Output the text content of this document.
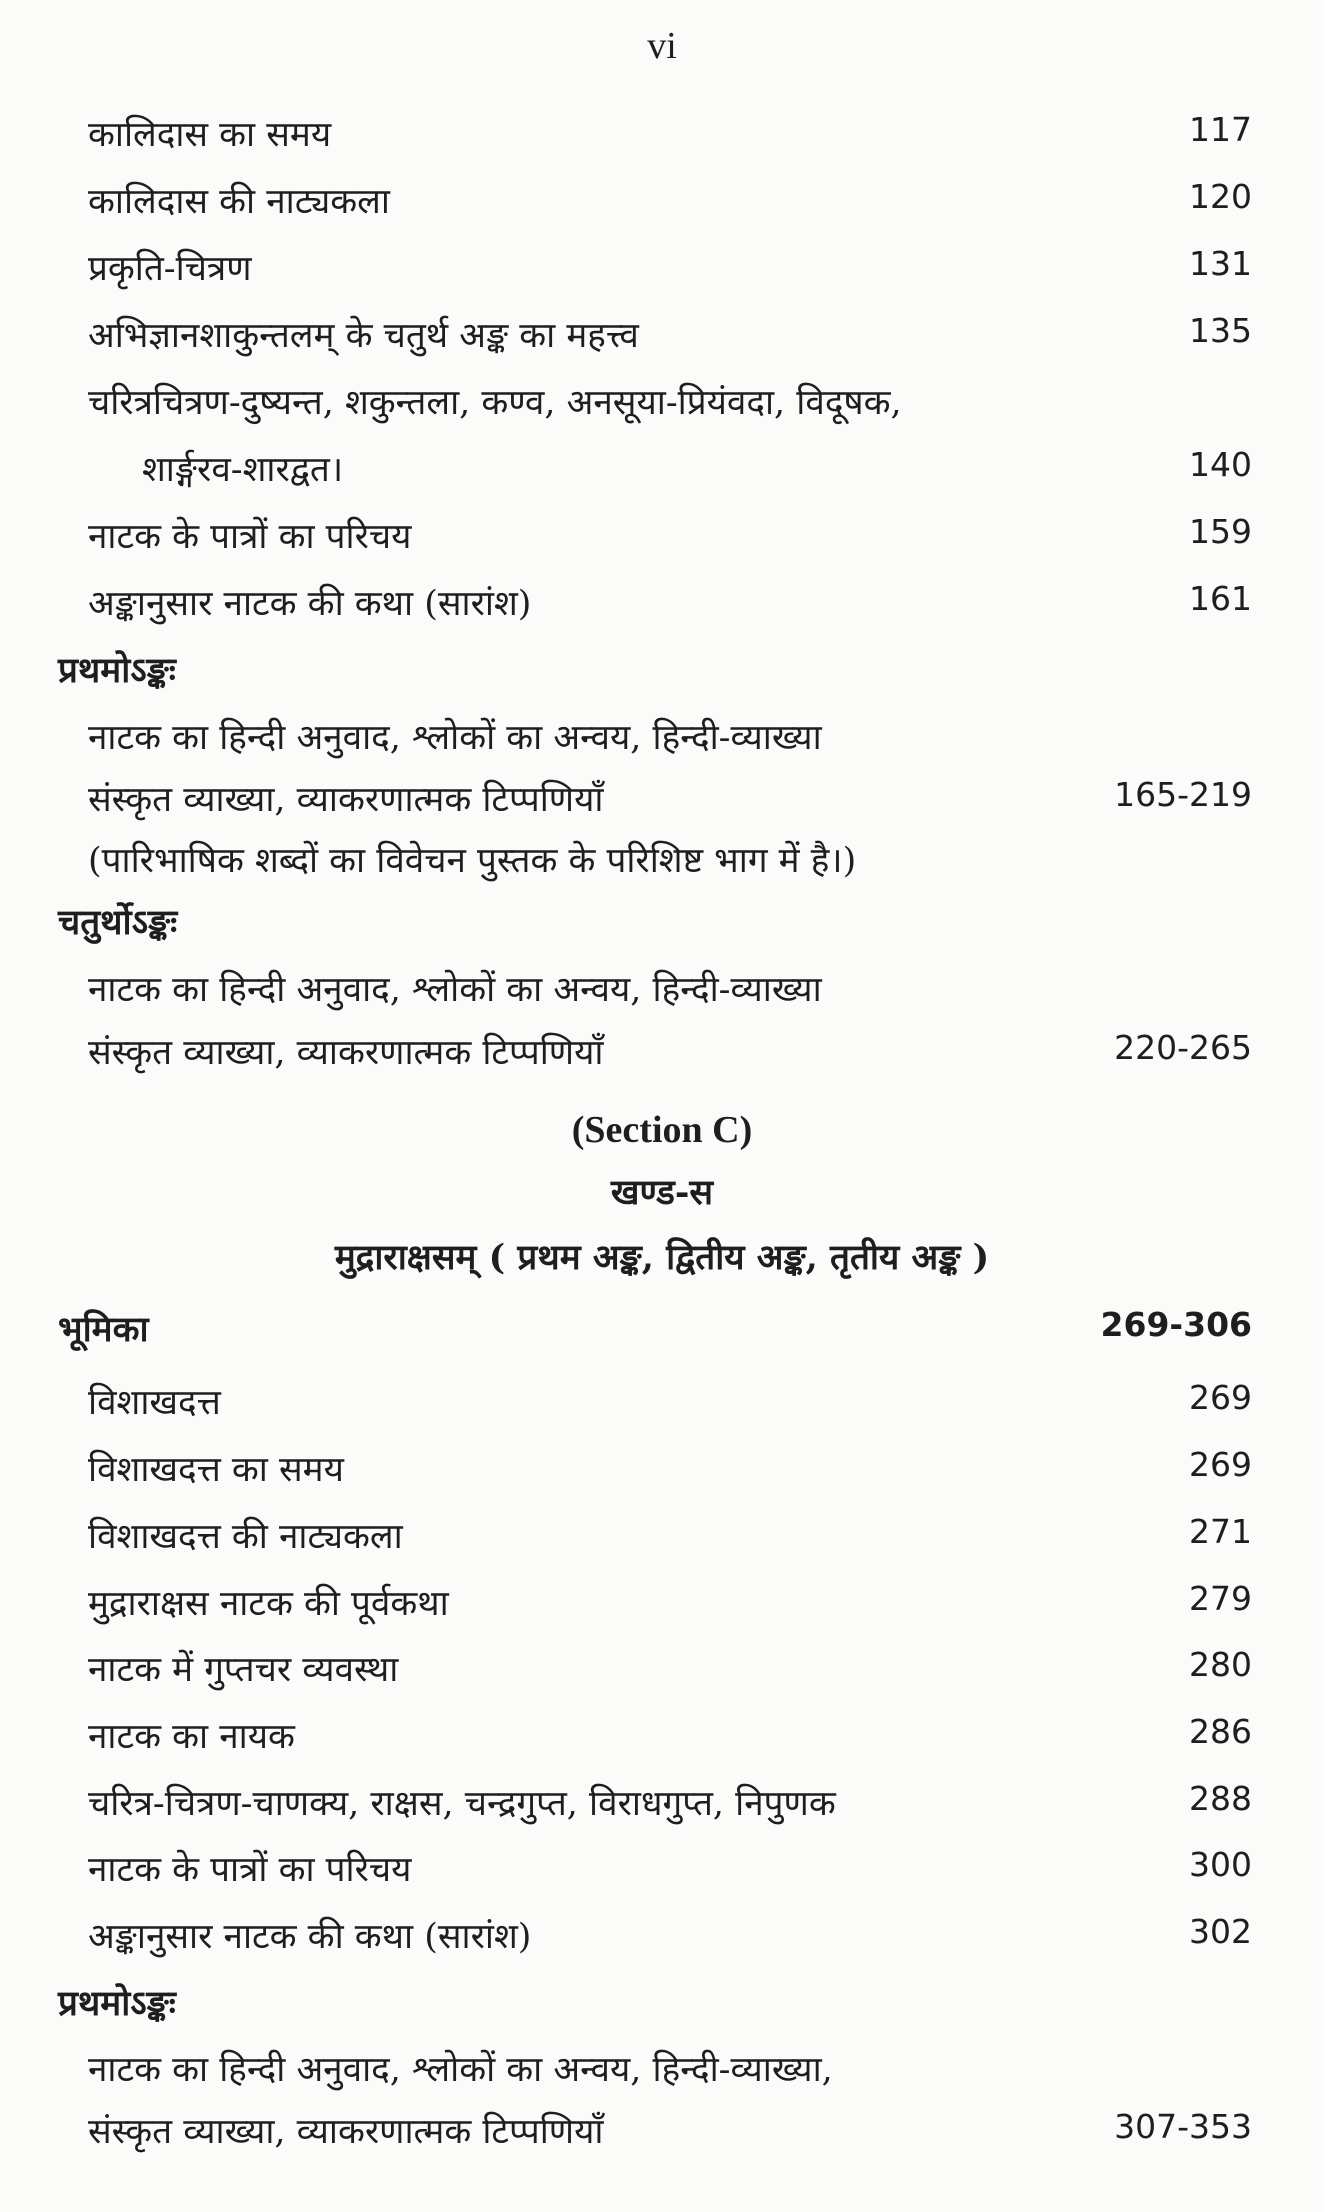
vi
कालिदास का समय	117
कालिदास की नाट्यकला	120
प्रकृति-चित्रण	131
अभिज्ञानशाकुन्तलम् के चतुर्थ अङ्क का महत्त्व	135
चरित्रचित्रण-दुष्यन्त, शकुन्तला, कण्व, अनसूया-प्रियंवदा, विदूषक,
शार्ङ्गरव-शारद्वत।	140
नाटक के पात्रों का परिचय	159
अङ्कानुसार नाटक की कथा (सारांश)	161
प्रथमोऽङ्कः
नाटक का हिन्दी अनुवाद, श्लोकों का अन्वय, हिन्दी-व्याख्या
संस्कृत व्याख्या, व्याकरणात्मक टिप्पणियाँ	165-219
(पारिभाषिक शब्दों का विवेचन पुस्तक के परिशिष्ट भाग में है।)
चतुर्थोऽङ्कः
नाटक का हिन्दी अनुवाद, श्लोकों का अन्वय, हिन्दी-व्याख्या
संस्कृत व्याख्या, व्याकरणात्मक टिप्पणियाँ	220-265
(Section C)
खण्ड-स
मुद्राराक्षसम् ( प्रथम अङ्क, द्वितीय अङ्क, तृतीय अङ्क )
भूमिका	269-306
विशाखदत्त	269
विशाखदत्त का समय	269
विशाखदत्त की नाट्यकला	271
मुद्राराक्षस नाटक की पूर्वकथा	279
नाटक में गुप्तचर व्यवस्था	280
नाटक का नायक	286
चरित्र-चित्रण-चाणक्य, राक्षस, चन्द्रगुप्त, विराधगुप्त, निपुणक	288
नाटक के पात्रों का परिचय	300
अङ्कानुसार नाटक की कथा (सारांश)	302
प्रथमोऽङ्कः
नाटक का हिन्दी अनुवाद, श्लोकों का अन्वय, हिन्दी-व्याख्या,
संस्कृत व्याख्या, व्याकरणात्मक टिप्पणियाँ	307-353
